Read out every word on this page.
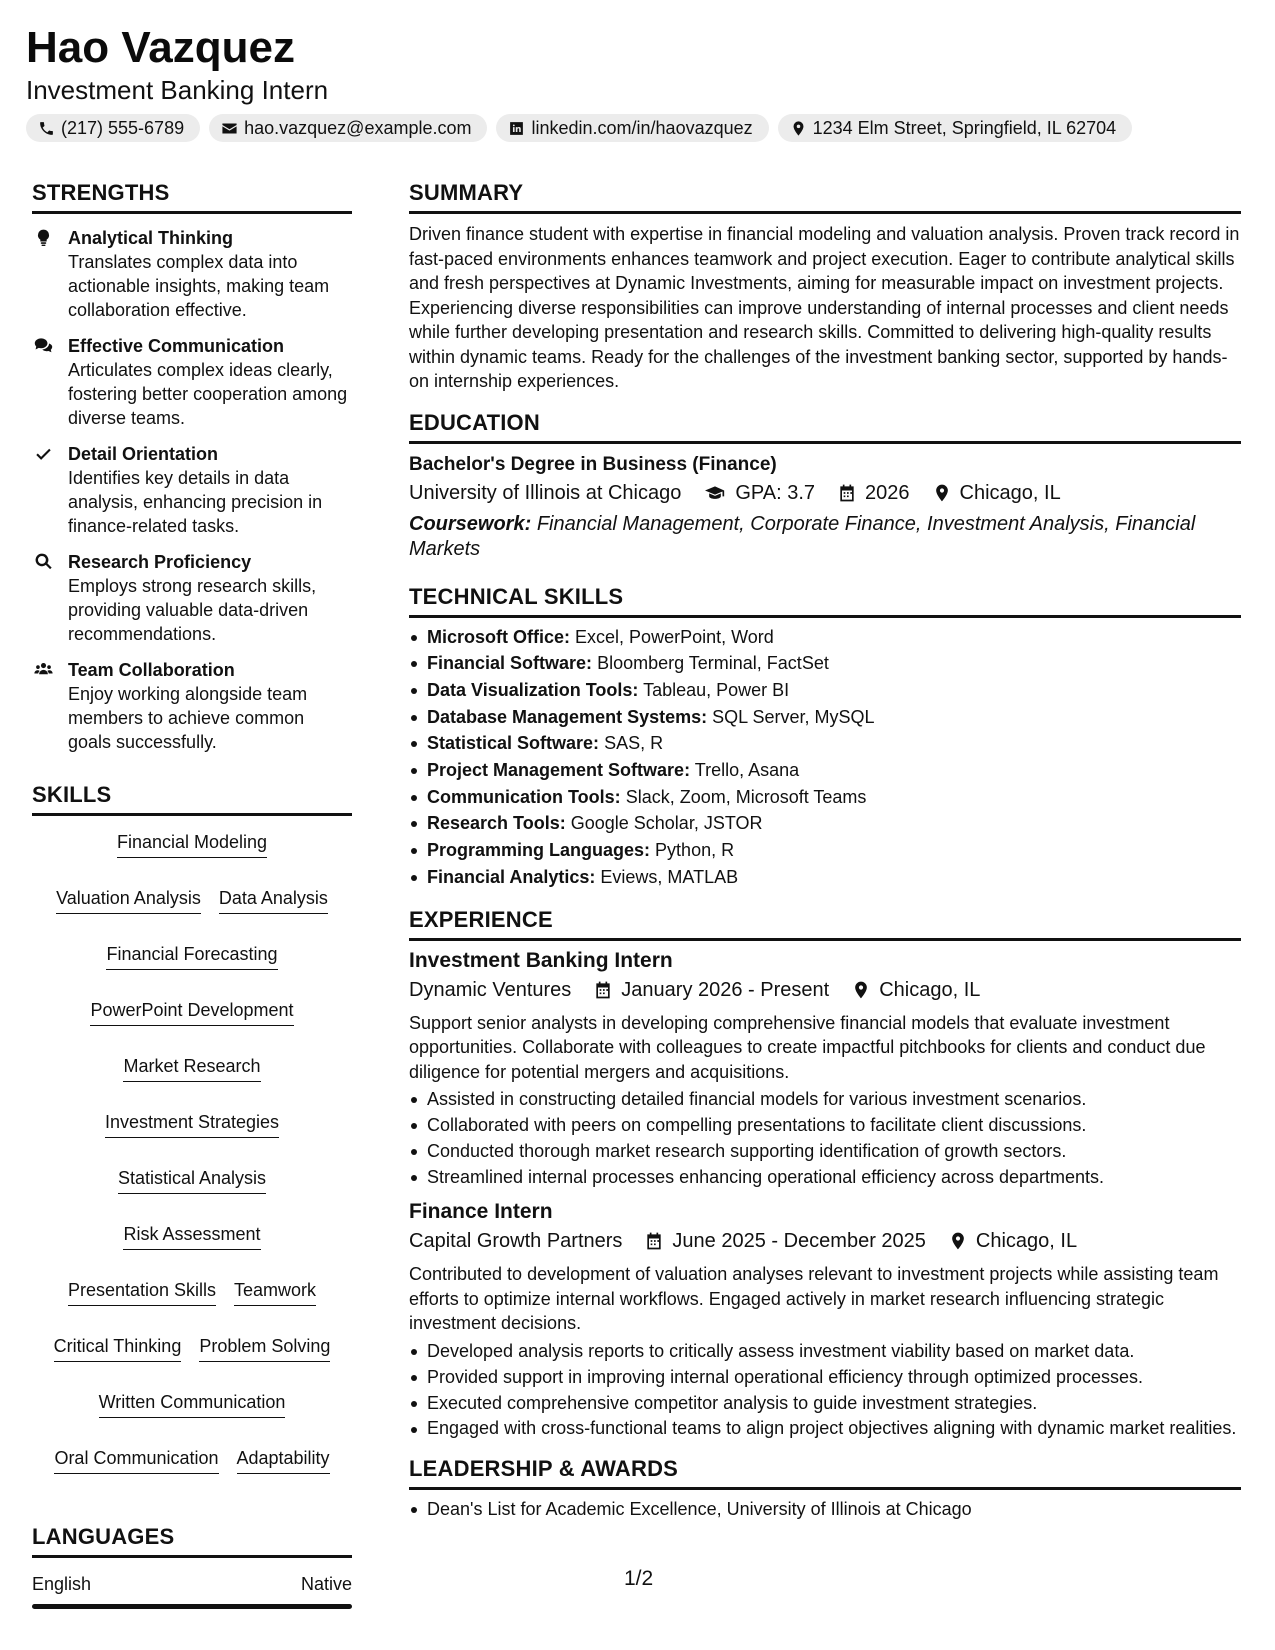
Hao Vazquez
Investment Banking Intern
(217) 555-6789	hao.vazquez@example.com	linkedin.com/in/haovazquez	1234 Elm Street, Springfield, IL 62704
STRENGTHS
Analytical Thinking
Translates complex data into actionable insights, making team collaboration effective.
Effective Communication
Articulates complex ideas clearly, fostering better cooperation among diverse teams.
Detail Orientation
Identifies key details in data analysis, enhancing precision in finance-related tasks.
Research Proficiency
Employs strong research skills, providing valuable data-driven recommendations.
Team Collaboration
Enjoy working alongside team members to achieve common goals successfully.
SKILLS
Financial Modeling
Valuation Analysis Data Analysis
Financial Forecasting
PowerPoint Development
Market Research
Investment Strategies
Statistical Analysis
Risk Assessment
Presentation Skills Teamwork
Critical Thinking Problem Solving
Written Communication
Oral Communication Adaptability
LANGUAGES
English	Native
SUMMARY
Driven finance student with expertise in financial modeling and valuation analysis. Proven track record in fast-paced environments enhances teamwork and project execution. Eager to contribute analytical skills and fresh perspectives at Dynamic Investments, aiming for measurable impact on investment projects. Experiencing diverse responsibilities can improve understanding of internal processes and client needs while further developing presentation and research skills. Committed to delivering high-quality results within dynamic teams. Ready for the challenges of the investment banking sector, supported by hands-on internship experiences.
EDUCATION
Bachelor's Degree in Business (Finance)
University of Illinois at Chicago	GPA: 3.7	2026	Chicago, IL
Coursework: Financial Management, Corporate Finance, Investment Analysis, Financial Markets
TECHNICAL SKILLS
Microsoft Office: Excel, PowerPoint, Word
Financial Software: Bloomberg Terminal, FactSet
Data Visualization Tools: Tableau, Power BI
Database Management Systems: SQL Server, MySQL
Statistical Software: SAS, R
Project Management Software: Trello, Asana
Communication Tools: Slack, Zoom, Microsoft Teams
Research Tools: Google Scholar, JSTOR
Programming Languages: Python, R
Financial Analytics: Eviews, MATLAB
EXPERIENCE
Investment Banking Intern
Dynamic Ventures	January 2026 - Present	Chicago, IL
Support senior analysts in developing comprehensive financial models that evaluate investment opportunities. Collaborate with colleagues to create impactful pitchbooks for clients and conduct due diligence for potential mergers and acquisitions.
Assisted in constructing detailed financial models for various investment scenarios.
Collaborated with peers on compelling presentations to facilitate client discussions.
Conducted thorough market research supporting identification of growth sectors.
Streamlined internal processes enhancing operational efficiency across departments.
Finance Intern
Capital Growth Partners	June 2025 - December 2025	Chicago, IL
Contributed to development of valuation analyses relevant to investment projects while assisting team efforts to optimize internal workflows. Engaged actively in market research influencing strategic investment decisions.
Developed analysis reports to critically assess investment viability based on market data.
Provided support in improving internal operational efficiency through optimized processes.
Executed comprehensive competitor analysis to guide investment strategies.
Engaged with cross-functional teams to align project objectives aligning with dynamic market realities.
LEADERSHIP & AWARDS
Dean's List for Academic Excellence, University of Illinois at Chicago
1/2
